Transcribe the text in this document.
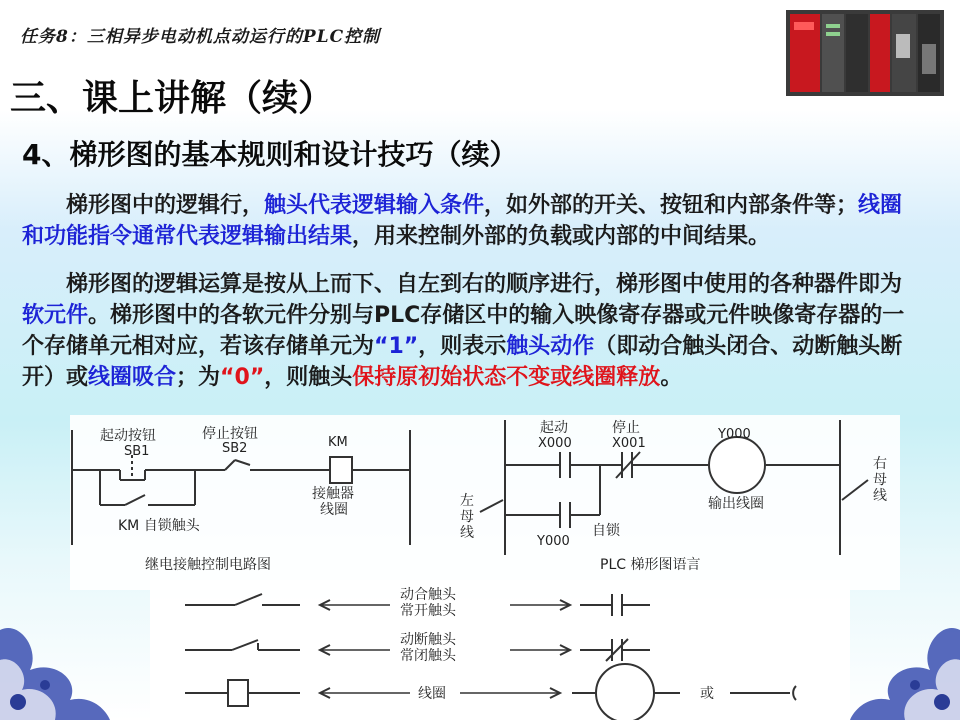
任务8：三相异步电动机点动运行的PLC控制
三、课上讲解（续）
4、梯形图的基本规则和设计技巧（续）
梯形图中的逻辑行，触头代表逻辑输入条件，如外部的开关、按钮和内部条件等；线圈和功能指令通常代表逻辑输出结果，用来控制外部的负载或内部的中间结果。
梯形图的逻辑运算是按从上而下、自左到右的顺序进行，梯形图中使用的各种器件即为软元件。梯形图中的各软元件分别与PLC存储区中的输入映像寄存器或元件映像寄存器的一个存储单元相对应，若该存储单元为“1”，则表示触头动作（即动合触头闭合、动断触头断开）或线圈吸合；为“0”，则触头保持原初始状态不变或线圈释放。
起动按钮
SB1
停止按钮
SB2	KM
接触器
线圈
KM 自锁触头
继电接触控制电路图
起动
X000
停止
X001
Y000
输出线圈
左
母
线
右
母
线
Y000
自锁
PLC 梯形图语言
动合触头
常开触头
动断触头
常闭触头
线圈	或
